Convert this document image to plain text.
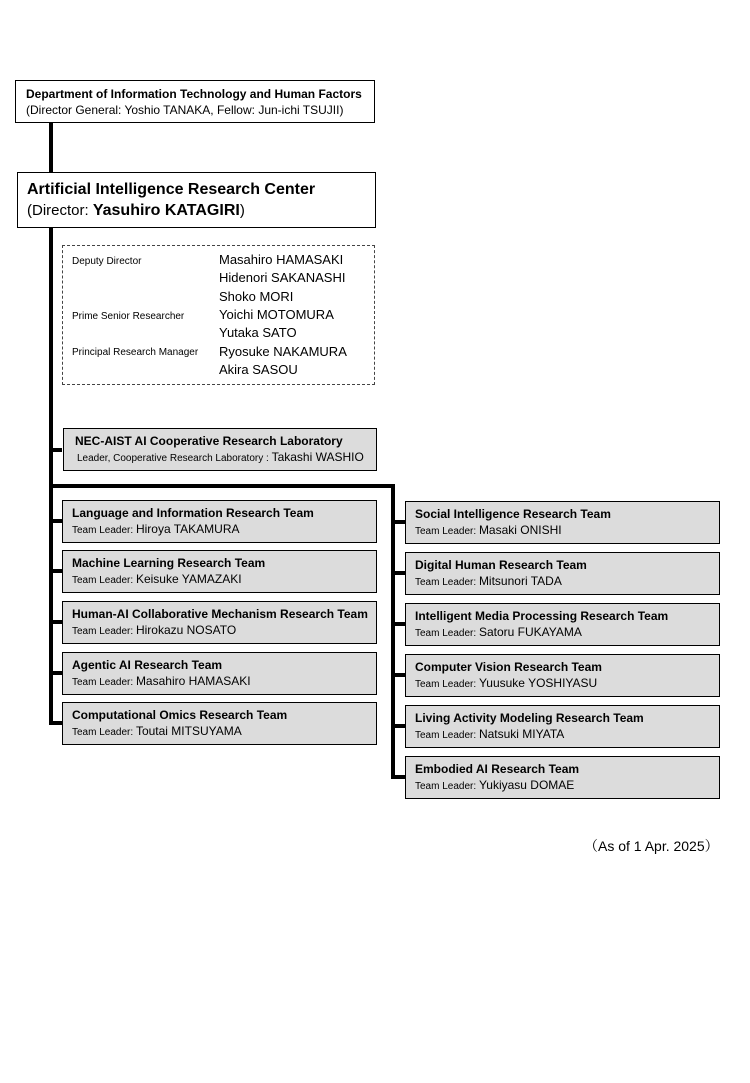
Department of Information Technology and Human Factors
(Director General: Yoshio TANAKA, Fellow: Jun-ichi TSUJII)
Artificial Intelligence Research Center
(Director: Yasuhiro KATAGIRI)
Deputy Director
Prime Senior Researcher
Principal Research Manager
Masahiro HAMASAKI
Hidenori SAKANASHI
Shoko MORI
Yoichi MOTOMURA
Yutaka SATO
Ryosuke NAKAMURA
Akira SASOU
NEC-AIST AI Cooperative Research Laboratory
Leader, Cooperative Research Laboratory : Takashi WASHIO
Language and Information Research Team
Team Leader: Hiroya TAKAMURA
Machine Learning Research Team
Team Leader: Keisuke YAMAZAKI
Human-AI Collaborative Mechanism Research Team
Team Leader: Hirokazu NOSATO
Agentic AI Research Team
Team Leader: Masahiro HAMASAKI
Computational Omics Research Team
Team Leader: Toutai MITSUYAMA
Social Intelligence Research Team
Team Leader: Masaki ONISHI
Digital Human Research Team
Team Leader: Mitsunori TADA
Intelligent Media Processing Research Team
Team Leader: Satoru FUKAYAMA
Computer Vision Research Team
Team Leader: Yuusuke YOSHIYASU
Living Activity Modeling Research Team
Team Leader: Natsuki MIYATA
Embodied AI Research Team
Team Leader: Yukiyasu DOMAE
（As of 1 Apr. 2025）
